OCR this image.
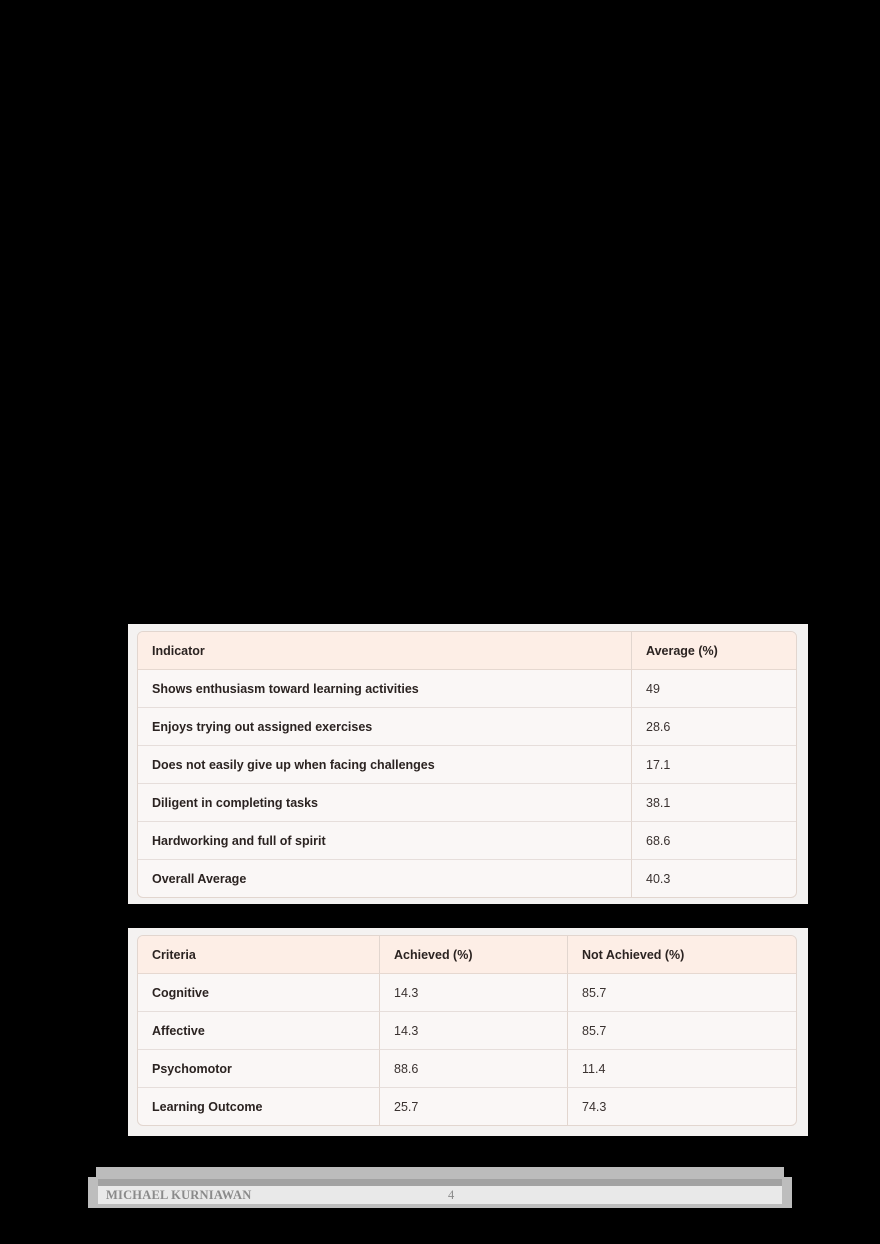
Indicator	Average (%)
Shows enthusiasm toward learning activities	49
Enjoys trying out assigned exercises	28.6
Does not easily give up when facing challenges	17.1
Diligent in completing tasks	38.1
Hardworking and full of spirit	68.6
Overall Average	40.3
Criteria	Achieved (%)	Not Achieved (%)
Cognitive	14.3	85.7
Affective	14.3	85.7
Psychomotor	88.6	11.4
Learning Outcome	25.7	74.3
MICHAEL KURNIAWAN	4
